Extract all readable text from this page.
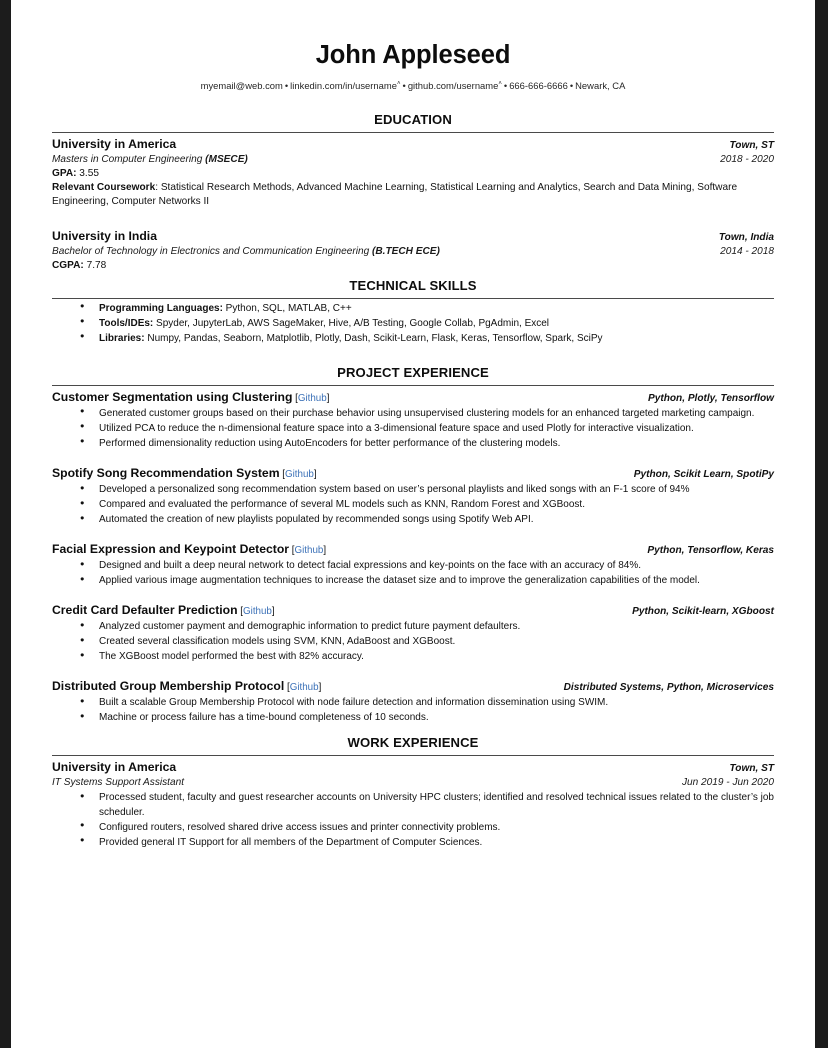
John Appleseed
myemail@web.com • linkedin.com/in/username˄ • github.com/username˄ • 666-666-6666 • Newark, CA
EDUCATION
University in America	Town, ST
Masters in Computer Engineering (MSECE)	2018 - 2020
GPA: 3.55
Relevant Coursework: Statistical Research Methods, Advanced Machine Learning, Statistical Learning and Analytics, Search and Data Mining, Software Engineering, Computer Networks II
University in India	Town, India
Bachelor of Technology in Electronics and Communication Engineering (B.TECH ECE)	2014 - 2018
CGPA: 7.78
TECHNICAL SKILLS
● Programming Languages: Python, SQL, MATLAB, C++
● Tools/IDEs: Spyder, JupyterLab, AWS SageMaker, Hive, A/B Testing, Google Collab, PgAdmin, Excel
● Libraries: Numpy, Pandas, Seaborn, Matplotlib, Plotly, Dash, Scikit-Learn, Flask, Keras, Tensorflow, Spark, SciPy
PROJECT EXPERIENCE
Customer Segmentation using Clustering [Github]	Python, Plotly, Tensorflow
● Generated customer groups based on their purchase behavior using unsupervised clustering models for an enhanced targeted marketing campaign.
● Utilized PCA to reduce the n-dimensional feature space into a 3-dimensional feature space and used Plotly for interactive visualization.
● Performed dimensionality reduction using AutoEncoders for better performance of the clustering models.
Spotify Song Recommendation System [Github]	Python, Scikit Learn, SpotiPy
● Developed a personalized song recommendation system based on user’s personal playlists and liked songs with an F-1 score of 94%
● Compared and evaluated the performance of several ML models such as KNN, Random Forest and XGBoost.
● Automated the creation of new playlists populated by recommended songs using Spotify Web API.
Facial Expression and Keypoint Detector [Github]	Python, Tensorflow, Keras
● Designed and built a deep neural network to detect facial expressions and key-points on the face with an accuracy of 84%.
● Applied various image augmentation techniques to increase the dataset size and to improve the generalization capabilities of the model.
Credit Card Defaulter Prediction [Github]	Python, Scikit-learn, XGboost
● Analyzed customer payment and demographic information to predict future payment defaulters.
● Created several classification models using SVM, KNN, AdaBoost and XGBoost.
● The XGBoost model performed the best with 82% accuracy.
Distributed Group Membership Protocol [Github]	Distributed Systems, Python, Microservices
● Built a scalable Group Membership Protocol with node failure detection and information dissemination using SWIM.
● Machine or process failure has a time-bound completeness of 10 seconds.
WORK EXPERIENCE
University in America	Town, ST
IT Systems Support Assistant	Jun 2019 - Jun 2020
● Processed student, faculty and guest researcher accounts on University HPC clusters; identified and resolved technical issues related to the cluster’s job scheduler.
● Configured routers, resolved shared drive access issues and printer connectivity problems.
● Provided general IT Support for all members of the Department of Computer Sciences.
